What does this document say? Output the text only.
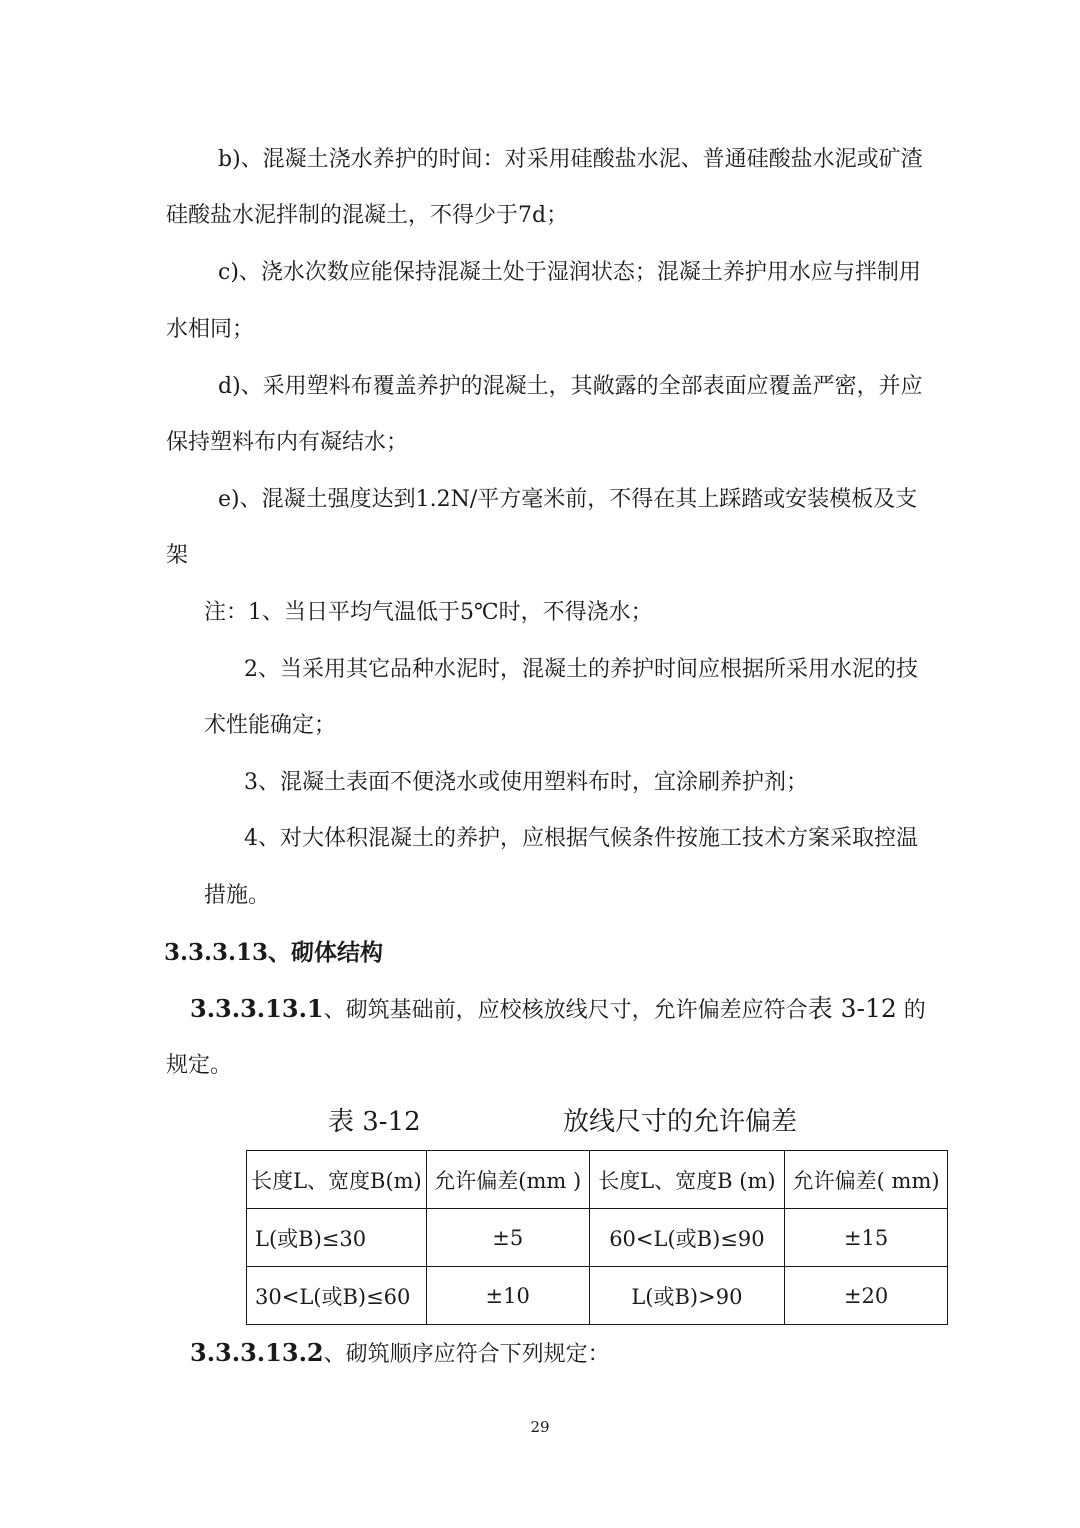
b)、混凝土浇水养护的时间：对采用硅酸盐水泥、普通硅酸盐水泥或矿渣
硅酸盐水泥拌制的混凝土，不得少于7d；
c)、浇水次数应能保持混凝土处于湿润状态；混凝土养护用水应与拌制用
水相同；
d)、采用塑料布覆盖养护的混凝土，其敞露的全部表面应覆盖严密，并应
保持塑料布内有凝结水；
e)、混凝土强度达到1.2N/平方毫米前，不得在其上踩踏或安装模板及支
架
注：1、当日平均气温低于5℃时，不得浇水；
2、当采用其它品种水泥时，混凝土的养护时间应根据所采用水泥的技
术性能确定；
3、混凝土表面不便浇水或使用塑料布时，宜涂刷养护剂；
4、对大体积混凝土的养护，应根据气候条件按施工技术方案采取控温
措施。
3.3.3.13、砌体结构
3.3.3.13.1、砌筑基础前，应校核放线尺寸，允许偏差应符合表 3-12 的
规定。
表 3-12	放线尺寸的允许偏差
长度L、宽度B(m)	允许偏差(mm )	长度L、宽度B (m)	允许偏差( mm)
L(或B)≤30	±5	60<L(或B)≤90	±15
30<L(或B)≤60	±10	L(或B)>90	±20
3.3.3.13.2、砌筑顺序应符合下列规定：
29
